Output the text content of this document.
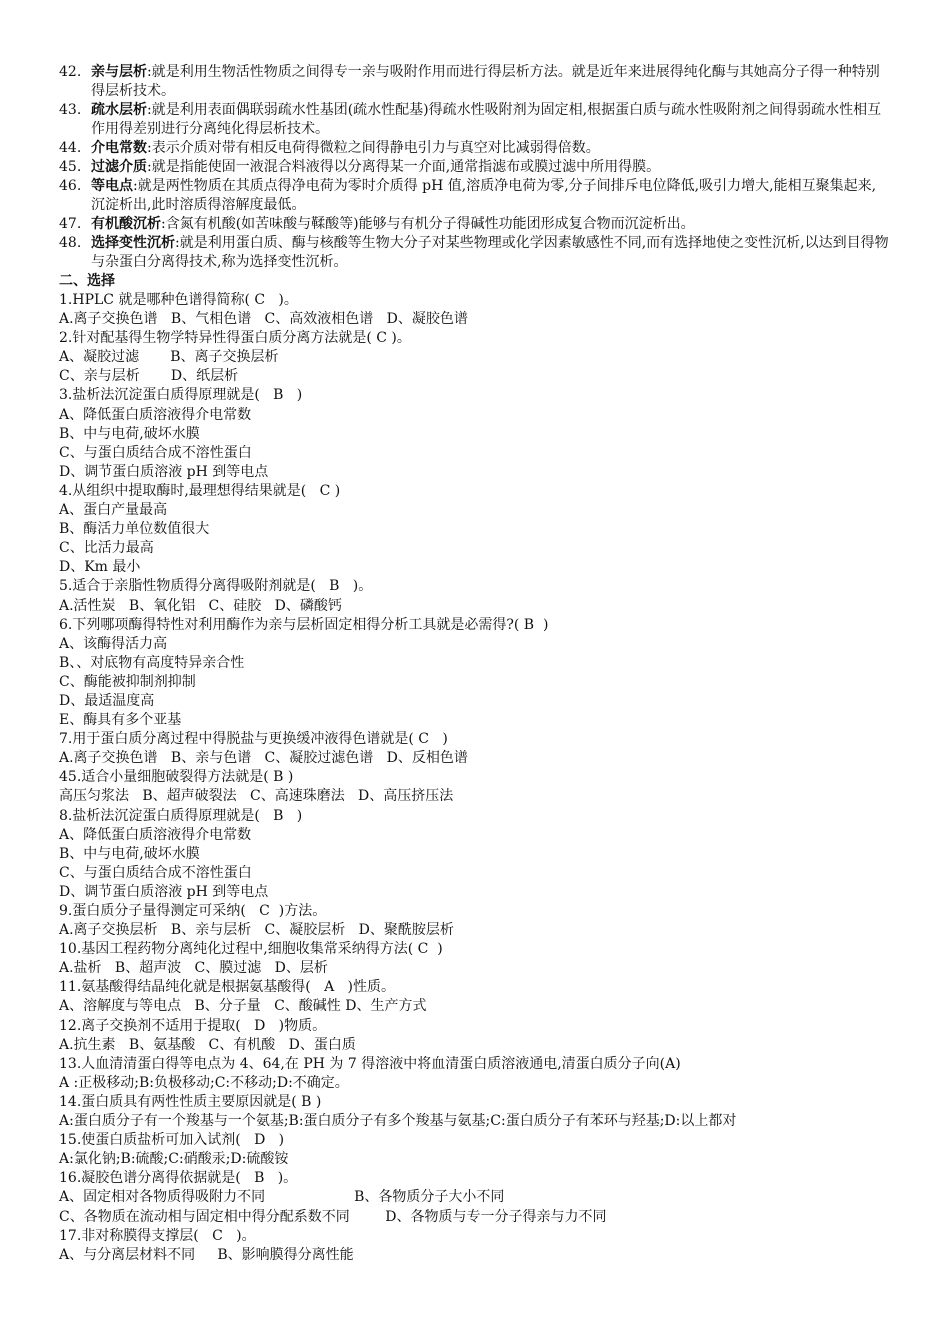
42. 亲与层析:就是利用生物活性物质之间得专一亲与吸附作用而进行得层析方法。就是近年来进展得纯化酶与其她高分子得一种特别得层析技术。
43. 疏水层析:就是利用表面偶联弱疏水性基团(疏水性配基)得疏水性吸附剂为固定相,根据蛋白质与疏水性吸附剂之间得弱疏水性相互作用得差别进行分离纯化得层析技术。
44. 介电常数:表示介质对带有相反电荷得微粒之间得静电引力与真空对比减弱得倍数。
45. 过滤介质:就是指能使固一液混合料液得以分离得某一介面,通常指滤布或膜过滤中所用得膜。
46. 等电点:就是两性物质在其质点得净电荷为零时介质得 pH 值,溶质净电荷为零,分子间排斥电位降低,吸引力增大,能相互聚集起来,沉淀析出,此时溶质得溶解度最低。
47. 有机酸沉析:含氮有机酸(如苦味酸与鞣酸等)能够与有机分子得碱性功能团形成复合物而沉淀析出。
48. 选择变性沉析:就是利用蛋白质、酶与核酸等生物大分子对某些物理或化学因素敏感性不同,而有选择地使之变性沉析,以达到目得物与杂蛋白分离得技术,称为选择变性沉析。
二、选择
1.HPLC 就是哪种色谱得简称( C   )。
A.离子交换色谱   B、气相色谱   C、高效液相色谱   D、凝胶色谱
2.针对配基得生物学特异性得蛋白质分离方法就是( C )。
A、凝胶过滤       B、离子交换层析
C、亲与层析       D、纸层析
3.盐析法沉淀蛋白质得原理就是(   B   )
A、降低蛋白质溶液得介电常数
B、中与电荷,破坏水膜
C、与蛋白质结合成不溶性蛋白
D、调节蛋白质溶液 pH 到等电点
4.从组织中提取酶时,最理想得结果就是(   C )
A、蛋白产量最高
B、酶活力单位数值很大
C、比活力最高
D、Km 最小
5.适合于亲脂性物质得分离得吸附剂就是(   B   )。
A.活性炭   B、氧化铝   C、硅胶   D、磷酸钙
6.下列哪项酶得特性对利用酶作为亲与层析固定相得分析工具就是必需得?( B  )
A、该酶得活力高
B、、对底物有高度特异亲合性
C、酶能被抑制剂抑制
D、最适温度高
E、酶具有多个亚基
7.用于蛋白质分离过程中得脱盐与更换缓冲液得色谱就是( C   )
A.离子交换色谱   B、亲与色谱   C、凝胶过滤色谱   D、反相色谱
45.适合小量细胞破裂得方法就是( B )
高压匀浆法   B、超声破裂法   C、高速珠磨法   D、高压挤压法
8.盐析法沉淀蛋白质得原理就是(   B   )
A、降低蛋白质溶液得介电常数
B、中与电荷,破坏水膜
C、与蛋白质结合成不溶性蛋白
D、调节蛋白质溶液 pH 到等电点
9.蛋白质分子量得测定可采纳(   C  )方法。
A.离子交换层析   B、亲与层析   C、凝胶层析   D、聚酰胺层析
10.基因工程药物分离纯化过程中,细胞收集常采纳得方法( C  )
A.盐析   B、超声波   C、膜过滤   D、层析
11.氨基酸得结晶纯化就是根据氨基酸得(   A   )性质。
A、溶解度与等电点   B、分子量   C、酸碱性 D、生产方式
12.离子交换剂不适用于提取(   D   )物质。
A.抗生素   B、氨基酸   C、有机酸   D、蛋白质
13.人血清清蛋白得等电点为 4、64,在 PH 为 7 得溶液中将血清蛋白质溶液通电,清蛋白质分子向(A)
A :正极移动;B:负极移动;C:不移动;D:不确定。
14.蛋白质具有两性性质主要原因就是( B )
A:蛋白质分子有一个羧基与一个氨基;B:蛋白质分子有多个羧基与氨基;C:蛋白质分子有苯环与羟基;D:以上都对
15.使蛋白质盐析可加入试剂(   D   )
A:氯化钠;B:硫酸;C:硝酸汞;D:硫酸铵
16.凝胶色谱分离得依据就是(   B   )。
A、固定相对各物质得吸附力不同                    B、各物质分子大小不同
C、各物质在流动相与固定相中得分配系数不同        D、各物质与专一分子得亲与力不同
17.非对称膜得支撑层(   C   )。
A、与分离层材料不同     B、影响膜得分离性能
